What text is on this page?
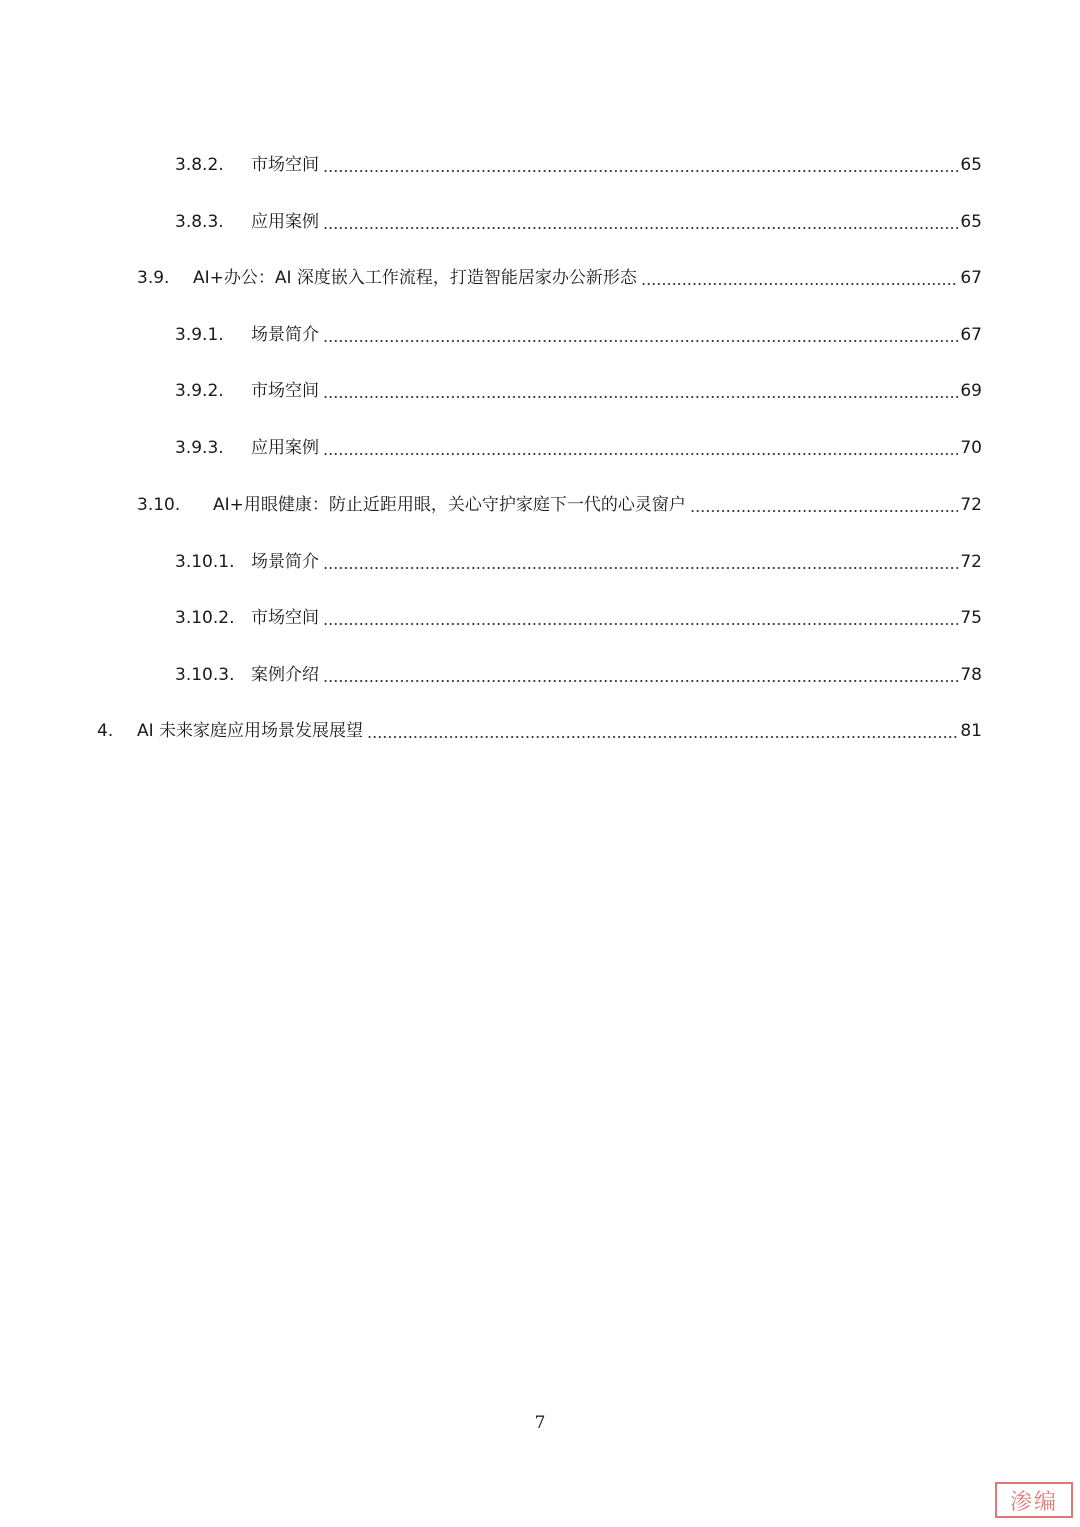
3.8.2.	市场空间	65
3.8.3.	应用案例	65
3.9.	AI+办公：AI 深度嵌入工作流程，打造智能居家办公新形态	67
3.9.1.	场景简介	67
3.9.2.	市场空间	69
3.9.3.	应用案例	70
3.10.	AI+用眼健康：防止近距用眼，关心守护家庭下一代的心灵窗户	72
3.10.1. 场景简介	72
3.10.2. 市场空间	75
3.10.3. 案例介绍	78
4.	AI 未来家庭应用场景发展展望	81
7
渗编
